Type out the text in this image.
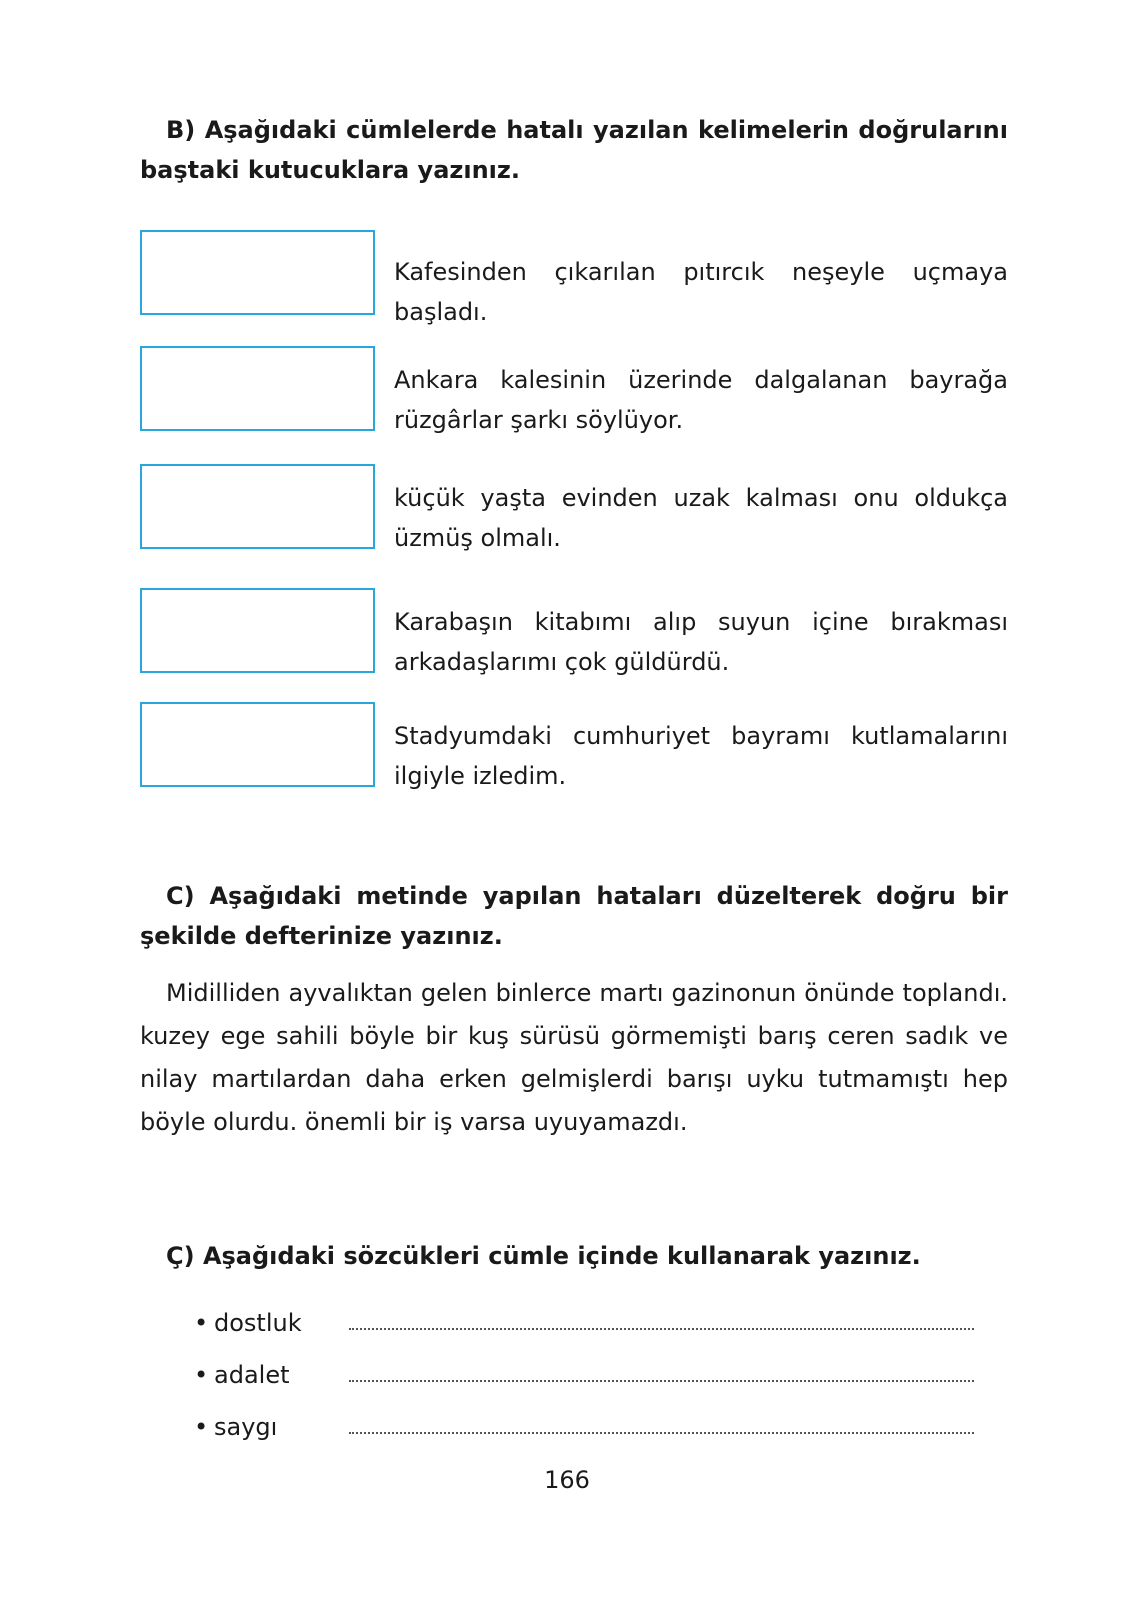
B) Aşağıdaki cümlelerde hatalı yazılan kelimelerin doğrularını baştaki kutucuklara yazınız.

Kafesinden çıkarılan pıtırcık neşeyle uçmaya başladı.

Ankara kalesinin üzerinde dalgalanan bayrağa rüzgârlar şarkı söylüyor.

küçük yaşta evinden uzak kalması onu oldukça üzmüş olmalı.

Karabaşın kitabımı alıp suyun içine bırakması arkadaşlarımı çok güldürdü.

Stadyumdaki cumhuriyet bayramı kutlamalarını ilgiyle izledim.

C) Aşağıdaki metinde yapılan hataları düzelterek doğru bir şekilde defterinize yazınız.

Midilliden ayvalıktan gelen binlerce martı gazinonun önünde toplandı. kuzey ege sahili böyle bir kuş sürüsü görmemişti barış ceren sadık ve nilay martılardan daha erken gelmişlerdi barışı uyku tutmamıştı hep böyle olurdu. önemli bir iş varsa uyuyamazdı.

Ç) Aşağıdaki sözcükleri cümle içinde kullanarak yazınız.

• dostluk
• adalet
• saygı
166
